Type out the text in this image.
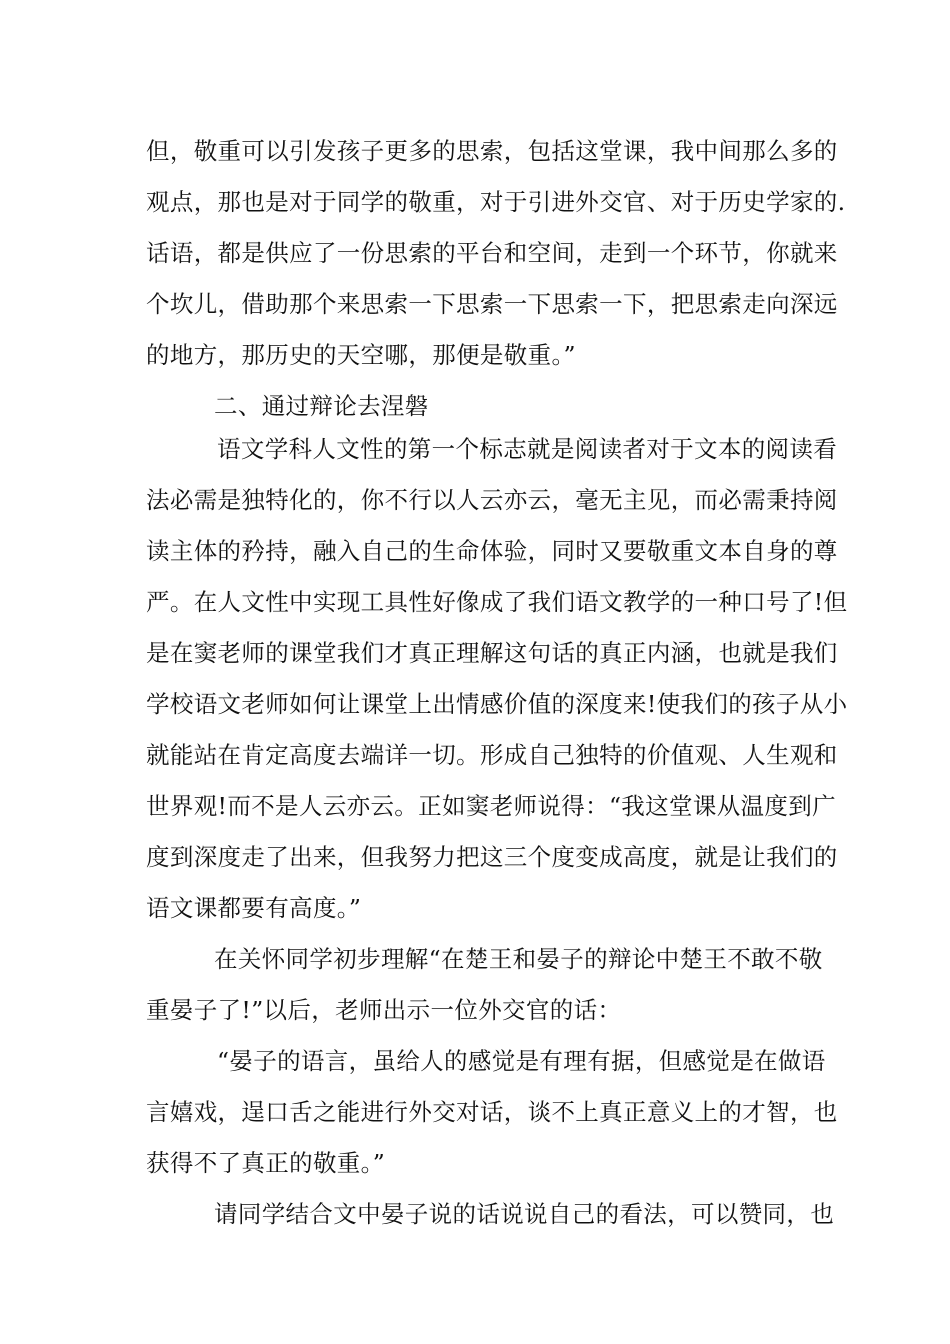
但，敬重可以引发孩子更多的思索，包括这堂课，我中间那么多的
观点，那也是对于同学的敬重，对于引进外交官、对于历史学家的.
话语，都是供应了一份思索的平台和空间，走到一个环节，你就来
个坎儿，借助那个来思索一下思索一下思索一下，把思索走向深远
的地方，那历史的天空哪，那便是敬重。”
二、通过辩论去涅磐
语文学科人文性的第一个标志就是阅读者对于文本的阅读看
法必需是独特化的，你不行以人云亦云，毫无主见，而必需秉持阅
读主体的矜持，融入自己的生命体验，同时又要敬重文本自身的尊
严。在人文性中实现工具性好像成了我们语文教学的一种口号了!但
是在窦老师的课堂我们才真正理解这句话的真正内涵，也就是我们
学校语文老师如何让课堂上出情感价值的深度来!使我们的孩子从小
就能站在肯定高度去端详一切。形成自己独特的价值观、人生观和
世界观!而不是人云亦云。正如窦老师说得：“我这堂课从温度到广
度到深度走了出来，但我努力把这三个度变成高度，就是让我们的
语文课都要有高度。”
在关怀同学初步理解“在楚王和晏子的辩论中楚王不敢不敬
重晏子了!”以后，老师出示一位外交官的话：
“晏子的语言，虽给人的感觉是有理有据，但感觉是在做语
言嬉戏，逞口舌之能进行外交对话，谈不上真正意义上的才智，也
获得不了真正的敬重。”
请同学结合文中晏子说的话说说自己的看法，可以赞同，也
